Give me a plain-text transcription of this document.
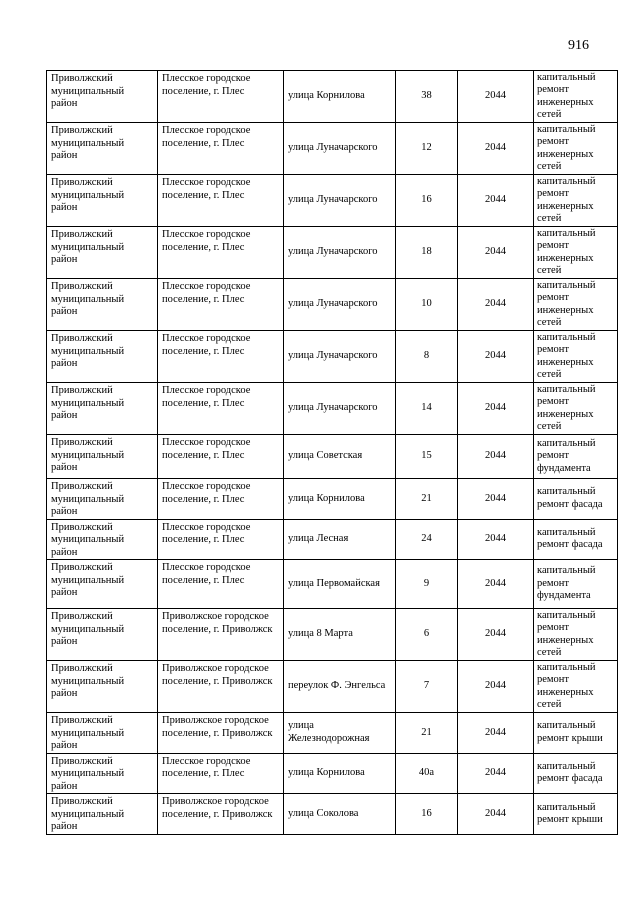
916
Приволжский муниципальный район	Плесское городское поселение, г. Плес	улица Корнилова	38	2044	капитальный ремонт инженерных сетей
Приволжский муниципальный район	Плесское городское поселение, г. Плес	улица Луначарского	12	2044	капитальный ремонт инженерных сетей
Приволжский муниципальный район	Плесское городское поселение, г. Плес	улица Луначарского	16	2044	капитальный ремонт инженерных сетей
Приволжский муниципальный район	Плесское городское поселение, г. Плес	улица Луначарского	18	2044	капитальный ремонт инженерных сетей
Приволжский муниципальный район	Плесское городское поселение, г. Плес	улица Луначарского	10	2044	капитальный ремонт инженерных сетей
Приволжский муниципальный район	Плесское городское поселение, г. Плес	улица Луначарского	8	2044	капитальный ремонт инженерных сетей
Приволжский муниципальный район	Плесское городское поселение, г. Плес	улица Луначарского	14	2044	капитальный ремонт инженерных сетей
Приволжский муниципальный район	Плесское городское поселение, г. Плес	улица Советская	15	2044	капитальный ремонт фундамента
Приволжский муниципальный район	Плесское городское поселение, г. Плес	улица Корнилова	21	2044	капитальный ремонт фасада
Приволжский муниципальный район	Плесское городское поселение, г. Плес	улица Лесная	24	2044	капитальный ремонт фасада
Приволжский муниципальный район	Плесское городское поселение, г. Плес	улица Первомайская	9	2044	капитальный ремонт фундамента
Приволжский муниципальный район	Приволжское городское поселение, г. Приволжск	улица 8 Марта	6	2044	капитальный ремонт инженерных сетей
Приволжский муниципальный район	Приволжское городское поселение, г. Приволжск	переулок Ф. Энгельса	7	2044	капитальный ремонт инженерных сетей
Приволжский муниципальный район	Приволжское городское поселение, г. Приволжск	улица Железнодорожная	21	2044	капитальный ремонт крыши
Приволжский муниципальный район	Плесское городское поселение, г. Плес	улица Корнилова	40а	2044	капитальный ремонт фасада
Приволжский муниципальный район	Приволжское городское поселение, г. Приволжск	улица Соколова	16	2044	капитальный ремонт крыши
